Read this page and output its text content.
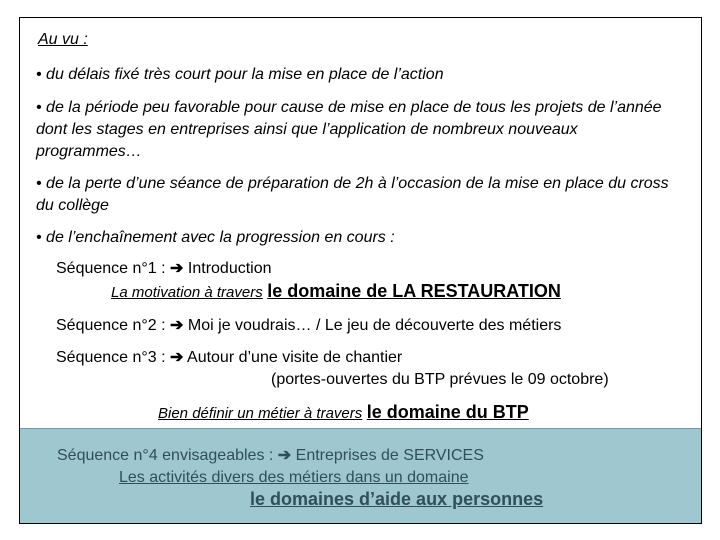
Au vu :
• du délais fixé très court pour la mise en place de l’action
• de la période peu favorable pour cause de mise en place de tous les projets de l’année dont les stages en entreprises ainsi que l’application de nombreux nouveaux programmes…
• de la perte d’une séance de préparation de 2h à l’occasion de la mise en place du cross du collège
• de l’enchaînement avec la progression en cours :
Séquence n°1 : ➔ Introduction
La motivation à travers le domaine de LA RESTAURATION
Séquence n°2 : ➔ Moi je voudrais… / Le jeu de découverte des métiers
Séquence n°3 : ➔ Autour d’une visite de chantier
(portes-ouvertes du BTP prévues le 09 octobre)
Bien définir un métier à travers le domaine du BTP
Séquence n°4 envisageables : ➔ Entreprises de SERVICES
Les activités divers des métiers dans un domaine
le domaines d’aide aux personnes
